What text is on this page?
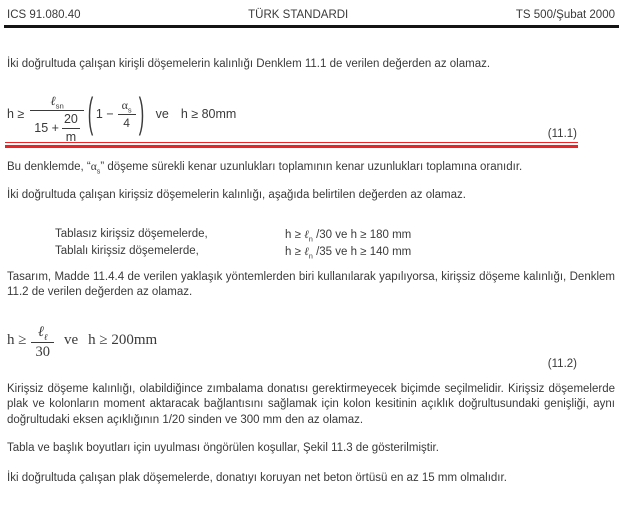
ICS 91.080.40	TÜRK STANDARDI	TS 500/Şubat 2000

İki doğrultuda çalışan kirişli döşemelerin kalınlığı Denklem 11.1 de verilen değerden az olamaz.

$h \ge \frac{\ell_{sn}}{15 + \frac{20}{m}}$ ( $1 - \frac{\alpha_s}{4}$ ) ve h ≥ 80mm
(11.1)

Bu denklemde, “$\alpha_s$” döşeme sürekli kenar uzunlukları toplamının kenar uzunlukları toplamına oranıdır.

İki doğrultuda çalışan kirişsiz döşemelerin kalınlığı, aşağıda belirtilen değerden az olamaz.

Tablasız kirişsiz döşemelerde,	h ≥ ℓ$_n$ /30 ve h ≥ 180 mm
Tablalı kirişsiz döşemelerde,	h ≥ ℓ$_n$ /35 ve h ≥ 140 mm

Tasarım, Madde 11.4.4 de verilen yaklaşık yöntemlerden biri kullanılarak yapılıyorsa, kirişsiz döşeme kalınlığı, Denklem 11.2 de verilen değerden az olamaz.

$h \ge \frac{\ell_\ell}{30}$ ve h ≥ 200mm
(11.2)

Kirişsiz döşeme kalınlığı, olabildiğince zımbalama donatısı gerektirmeyecek biçimde seçilmelidir. Kirişsiz döşemelerde plak ve kolonların moment aktaracak bağlantısını sağlamak için kolon kesitinin açıklık doğrultusundaki genişliği, aynı doğrultudaki eksen açıklığının 1/20 sinden ve 300 mm den az olamaz.

Tabla ve başlık boyutları için uyulması öngörülen koşullar, Şekil 11.3 de gösterilmiştir.

İki doğrultuda çalışan plak döşemelerde, donatıyı koruyan net beton örtüsü en az 15 mm olmalıdır.
